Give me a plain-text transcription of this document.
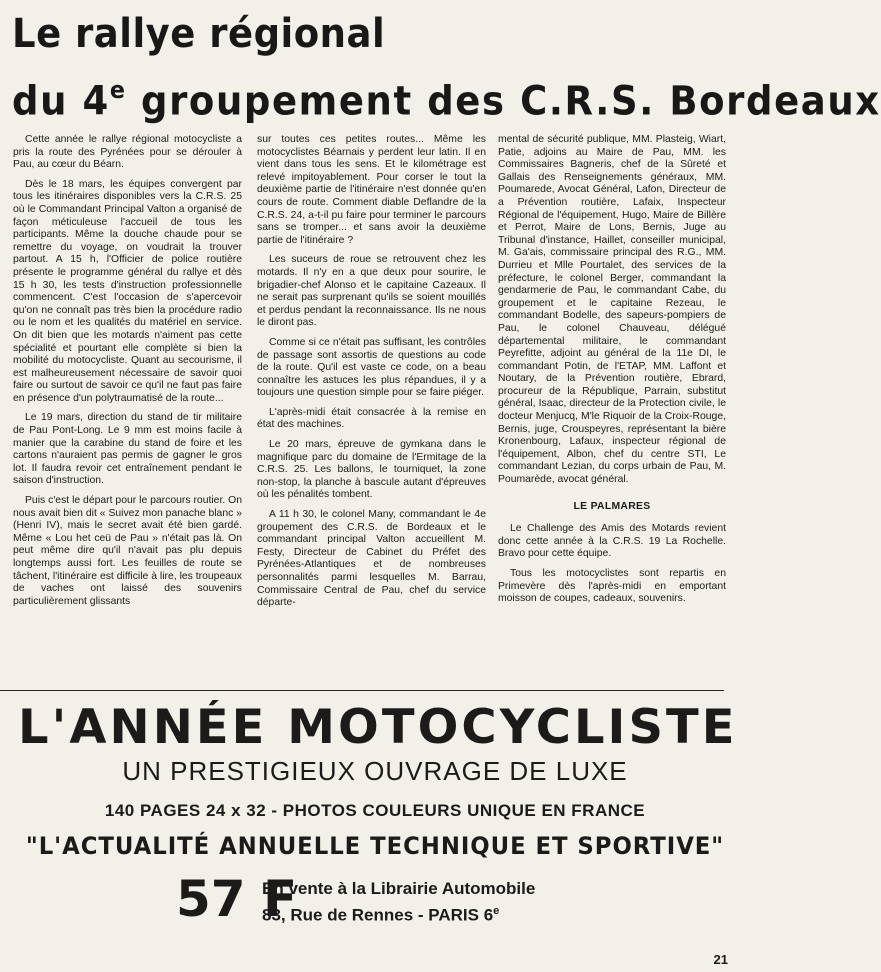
Le rallye régional
du 4e groupement des C.R.S. Bordeaux

Cette année le rallye régional motocycliste a pris la route des Pyrénées pour se dérouler à Pau, au cœur du Béarn.

Dès le 18 mars, les équipes convergent par tous les itinéraires disponibles vers la C.R.S. 25 où le Commandant Principal Valton a organisé de façon méticuleuse l'accueil de tous les participants. Même la douche chaude pour se remettre du voyage, on voudrait la trouver partout. A 15 h, l'Officier de police routière présente le programme général du rallye et dès 15 h 30, les tests d'instruction professionnelle commencent. C'est l'occasion de s'apercevoir qu'on ne connaît pas très bien la procédure radio ou le nom et les qualités du matériel en service. On dit bien que les motards n'aiment pas cette spécialité et pourtant elle complète si bien la mobilité du motocycliste. Quant au secourisme, il est malheureusement nécessaire de savoir quoi faire ou surtout de savoir ce qu'il ne faut pas faire en présence d'un polytraumatisé de la route...

Le 19 mars, direction du stand de tir militaire de Pau Pont-Long. Le 9 mm est moins facile à manier que la carabine du stand de foire et les cartons n'auraient pas permis de gagner le gros lot. Il faudra revoir cet entraînement pendant le saison d'instruction.

Puis c'est le départ pour le parcours routier. On nous avait bien dit « Suivez mon panache blanc » (Henri IV), mais le secret avait été bien gardé. Même « Lou het ceü de Pau » n'était pas là. On peut même dire qu'il n'avait pas plu depuis longtemps aussi fort. Les feuilles de route se tâchent, l'itinéraire est difficile à lire, les troupeaux de vaches ont laissé des souvenirs particulièrement glissants

sur toutes ces petites routes... Même les motocyclistes Béarnais y perdent leur latin. Il en vient dans tous les sens. Et le kilométrage est relevé impitoyablement. Pour corser le tout la deuxième partie de l'itinéraire n'est donnée qu'en cours de route. Comment diable Deflandre de la C.R.S. 24, a-t-il pu faire pour terminer le parcours sans se tromper... et sans avoir la deuxième partie de l'itinéraire ?

Les suceurs de roue se retrouvent chez les motards. Il n'y en a que deux pour sourire, le brigadier-chef Alonso et le capitaine Cazeaux. Il ne serait pas surprenant qu'ils se soient mouillés et perdus pendant la reconnaissance. Ils ne nous le diront pas.

Comme si ce n'était pas suffisant, les contrôles de passage sont assortis de questions au code de la route. Qu'il est vaste ce code, on a beau connaître les astuces les plus répandues, il y a toujours une question simple pour se faire piéger.

L'après-midi était consacrée à la remise en état des machines.

Le 20 mars, épreuve de gymkana dans le magnifique parc du domaine de l'Ermitage de la C.R.S. 25. Les ballons, le tourniquet, la zone non-stop, la planche à bascule autant d'épreuves où les pénalités tombent.

A 11 h 30, le colonel Many, commandant le 4e groupement des C.R.S. de Bordeaux et le commandant principal Valton accueillent M. Festy, Directeur de Cabinet du Préfet des Pyrénées-Atlantiques et de nombreuses personnalités parmi lesquelles M. Barrau, Commissaire Central de Pau, chef du service départe-

mental de sécurité publique, MM. Plasteig, Wiart, Patie, adjoins au Maire de Pau, MM. les Commissaires Bagneris, chef de la Sûreté et Gallais des Renseignements généraux, MM. Poumarede, Avocat Général, Lafon, Directeur de a Prévention routière, Lafaix, Inspecteur Régional de l'équipement, Hugo, Maire de Billère et Perrot, Maire de Lons, Bernis, Juge au Tribunal d'instance, Haillet, conseiller municipal, M. Ga'ais, commissaire principal des R.G., MM. Durrieu et Mlle Pourtalet, des services de la préfecture, le colonel Berger, commandant la gendarmerie de Pau, le commandant Cabe, du groupement et le capitaine Rezeau, le commandant Bodelle, des sapeurs-pompiers de Pau, le colonel Chauveau, délégué départemental militaire, le commandant Peyrefitte, adjoint au général de la 11e DI, le commandant Potin, de l'ETAP, MM. Laffont et Noutary, de la Prévention routière, Ebrard, procureur de la République, Parrain, substitut général, Isaac, directeur de la Protection civile, le docteur Menjucq, M'le Riquoir de la Croix-Rouge, Bernis, juge, Crouspeyres, représentant la bière Kronenbourg, Lafaux, inspecteur régional de l'équipement, Albon, chef du centre STI, Le commandant Lezian, du corps urbain de Pau, M. Poumarède, avocat général.

LE PALMARES

Le Challenge des Amis des Motards revient donc cette année à la C.R.S. 19 La Rochelle. Bravo pour cette équipe.

Tous les motocyclistes sont repartis en Primevère dès l'après-midi en emportant moisson de coupes, cadeaux, souvenirs.

L'ANNÉE MOTOCYCLISTE
UN PRESTIGIEUX OUVRAGE DE LUXE
140 PAGES 24 x 32 - PHOTOS COULEURS UNIQUE EN FRANCE
"L'ACTUALITÉ ANNUELLE TECHNIQUE ET SPORTIVE"
57 F
En vente à la Librairie Automobile
83, Rue de Rennes - PARIS 6e
21
